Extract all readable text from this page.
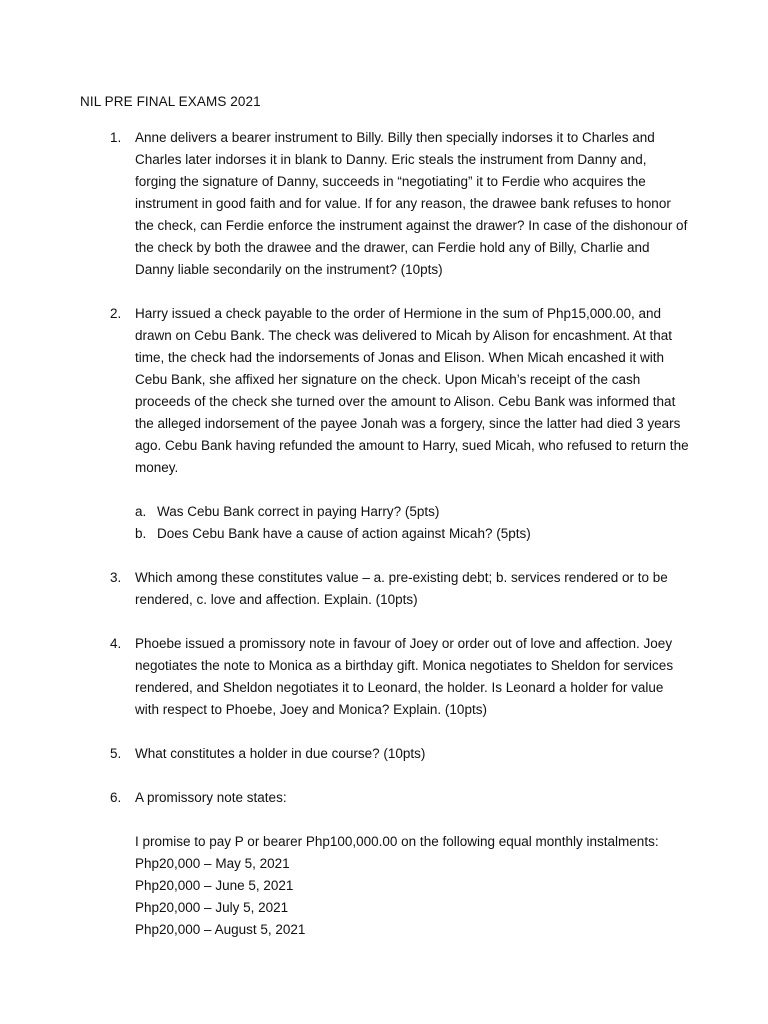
NIL PRE FINAL EXAMS 2021
1. Anne delivers a bearer instrument to Billy. Billy then specially indorses it to Charles and Charles later indorses it in blank to Danny. Eric steals the instrument from Danny and, forging the signature of Danny, succeeds in “negotiating” it to Ferdie who acquires the instrument in good faith and for value. If for any reason, the drawee bank refuses to honor the check, can Ferdie enforce the instrument against the drawer? In case of the dishonour of the check by both the drawee and the drawer, can Ferdie hold any of Billy, Charlie and Danny liable secondarily on the instrument? (10pts)
2. Harry issued a check payable to the order of Hermione in the sum of Php15,000.00, and drawn on Cebu Bank. The check was delivered to Micah by Alison for encashment. At that time, the check had the indorsements of Jonas and Elison. When Micah encashed it with Cebu Bank, she affixed her signature on the check. Upon Micah’s receipt of the cash proceeds of the check she turned over the amount to Alison. Cebu Bank was informed that the alleged indorsement of the payee Jonah was a forgery, since the latter had died 3 years ago. Cebu Bank having refunded the amount to Harry, sued Micah, who refused to return the money.
a. Was Cebu Bank correct in paying Harry? (5pts)
b. Does Cebu Bank have a cause of action against Micah? (5pts)
3. Which among these constitutes value – a. pre-existing debt; b. services rendered or to be rendered, c. love and affection. Explain. (10pts)
4. Phoebe issued a promissory note in favour of Joey or order out of love and affection. Joey negotiates the note to Monica as a birthday gift. Monica negotiates to Sheldon for services rendered, and Sheldon negotiates it to Leonard, the holder. Is Leonard a holder for value with respect to Phoebe, Joey and Monica? Explain. (10pts)
5. What constitutes a holder in due course? (10pts)
6. A promissory note states:
I promise to pay P or bearer Php100,000.00 on the following equal monthly instalments:
Php20,000 – May 5, 2021
Php20,000 – June 5, 2021
Php20,000 – July 5, 2021
Php20,000 – August 5, 2021
